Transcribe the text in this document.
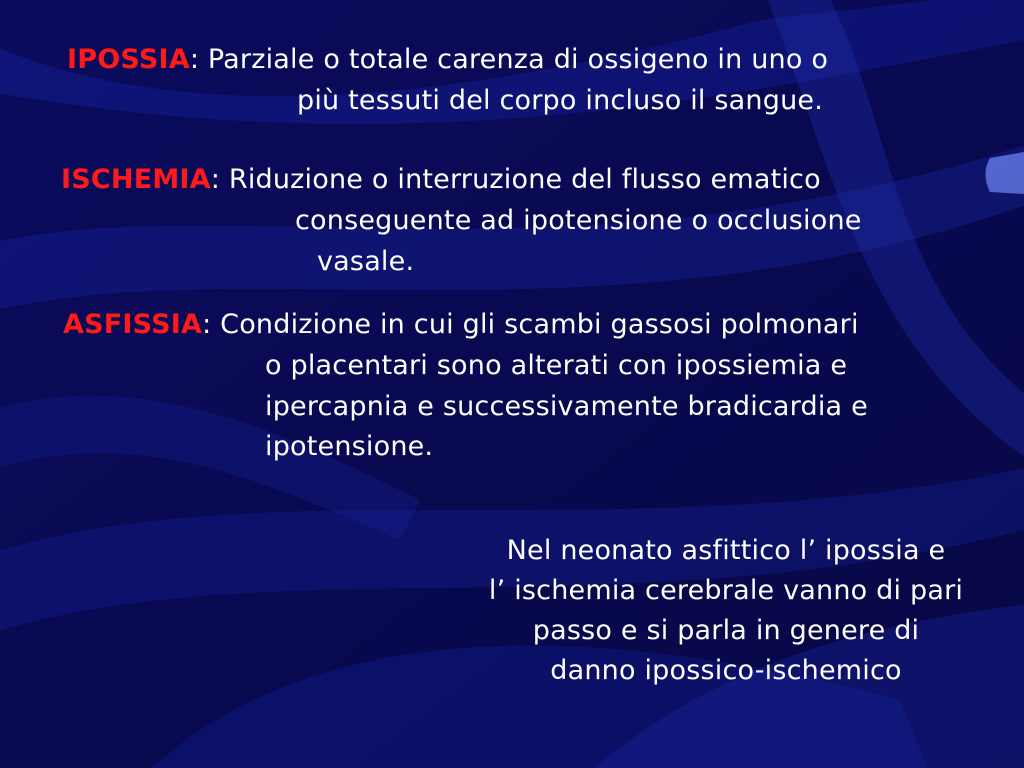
IPOSSIA: Parziale o totale carenza di ossigeno in uno o
più tessuti del corpo incluso il sangue.
ISCHEMIA: Riduzione o interruzione del flusso ematico
conseguente ad ipotensione o occlusione
vasale.
ASFISSIA: Condizione in cui gli scambi gassosi polmonari
o placentari sono alterati con ipossiemia e
ipercapnia e successivamente bradicardia e
ipotensione.
Nel neonato asfittico l’ ipossia e
l’ ischemia cerebrale vanno di pari
passo e si parla in genere di
danno ipossico-ischemico
